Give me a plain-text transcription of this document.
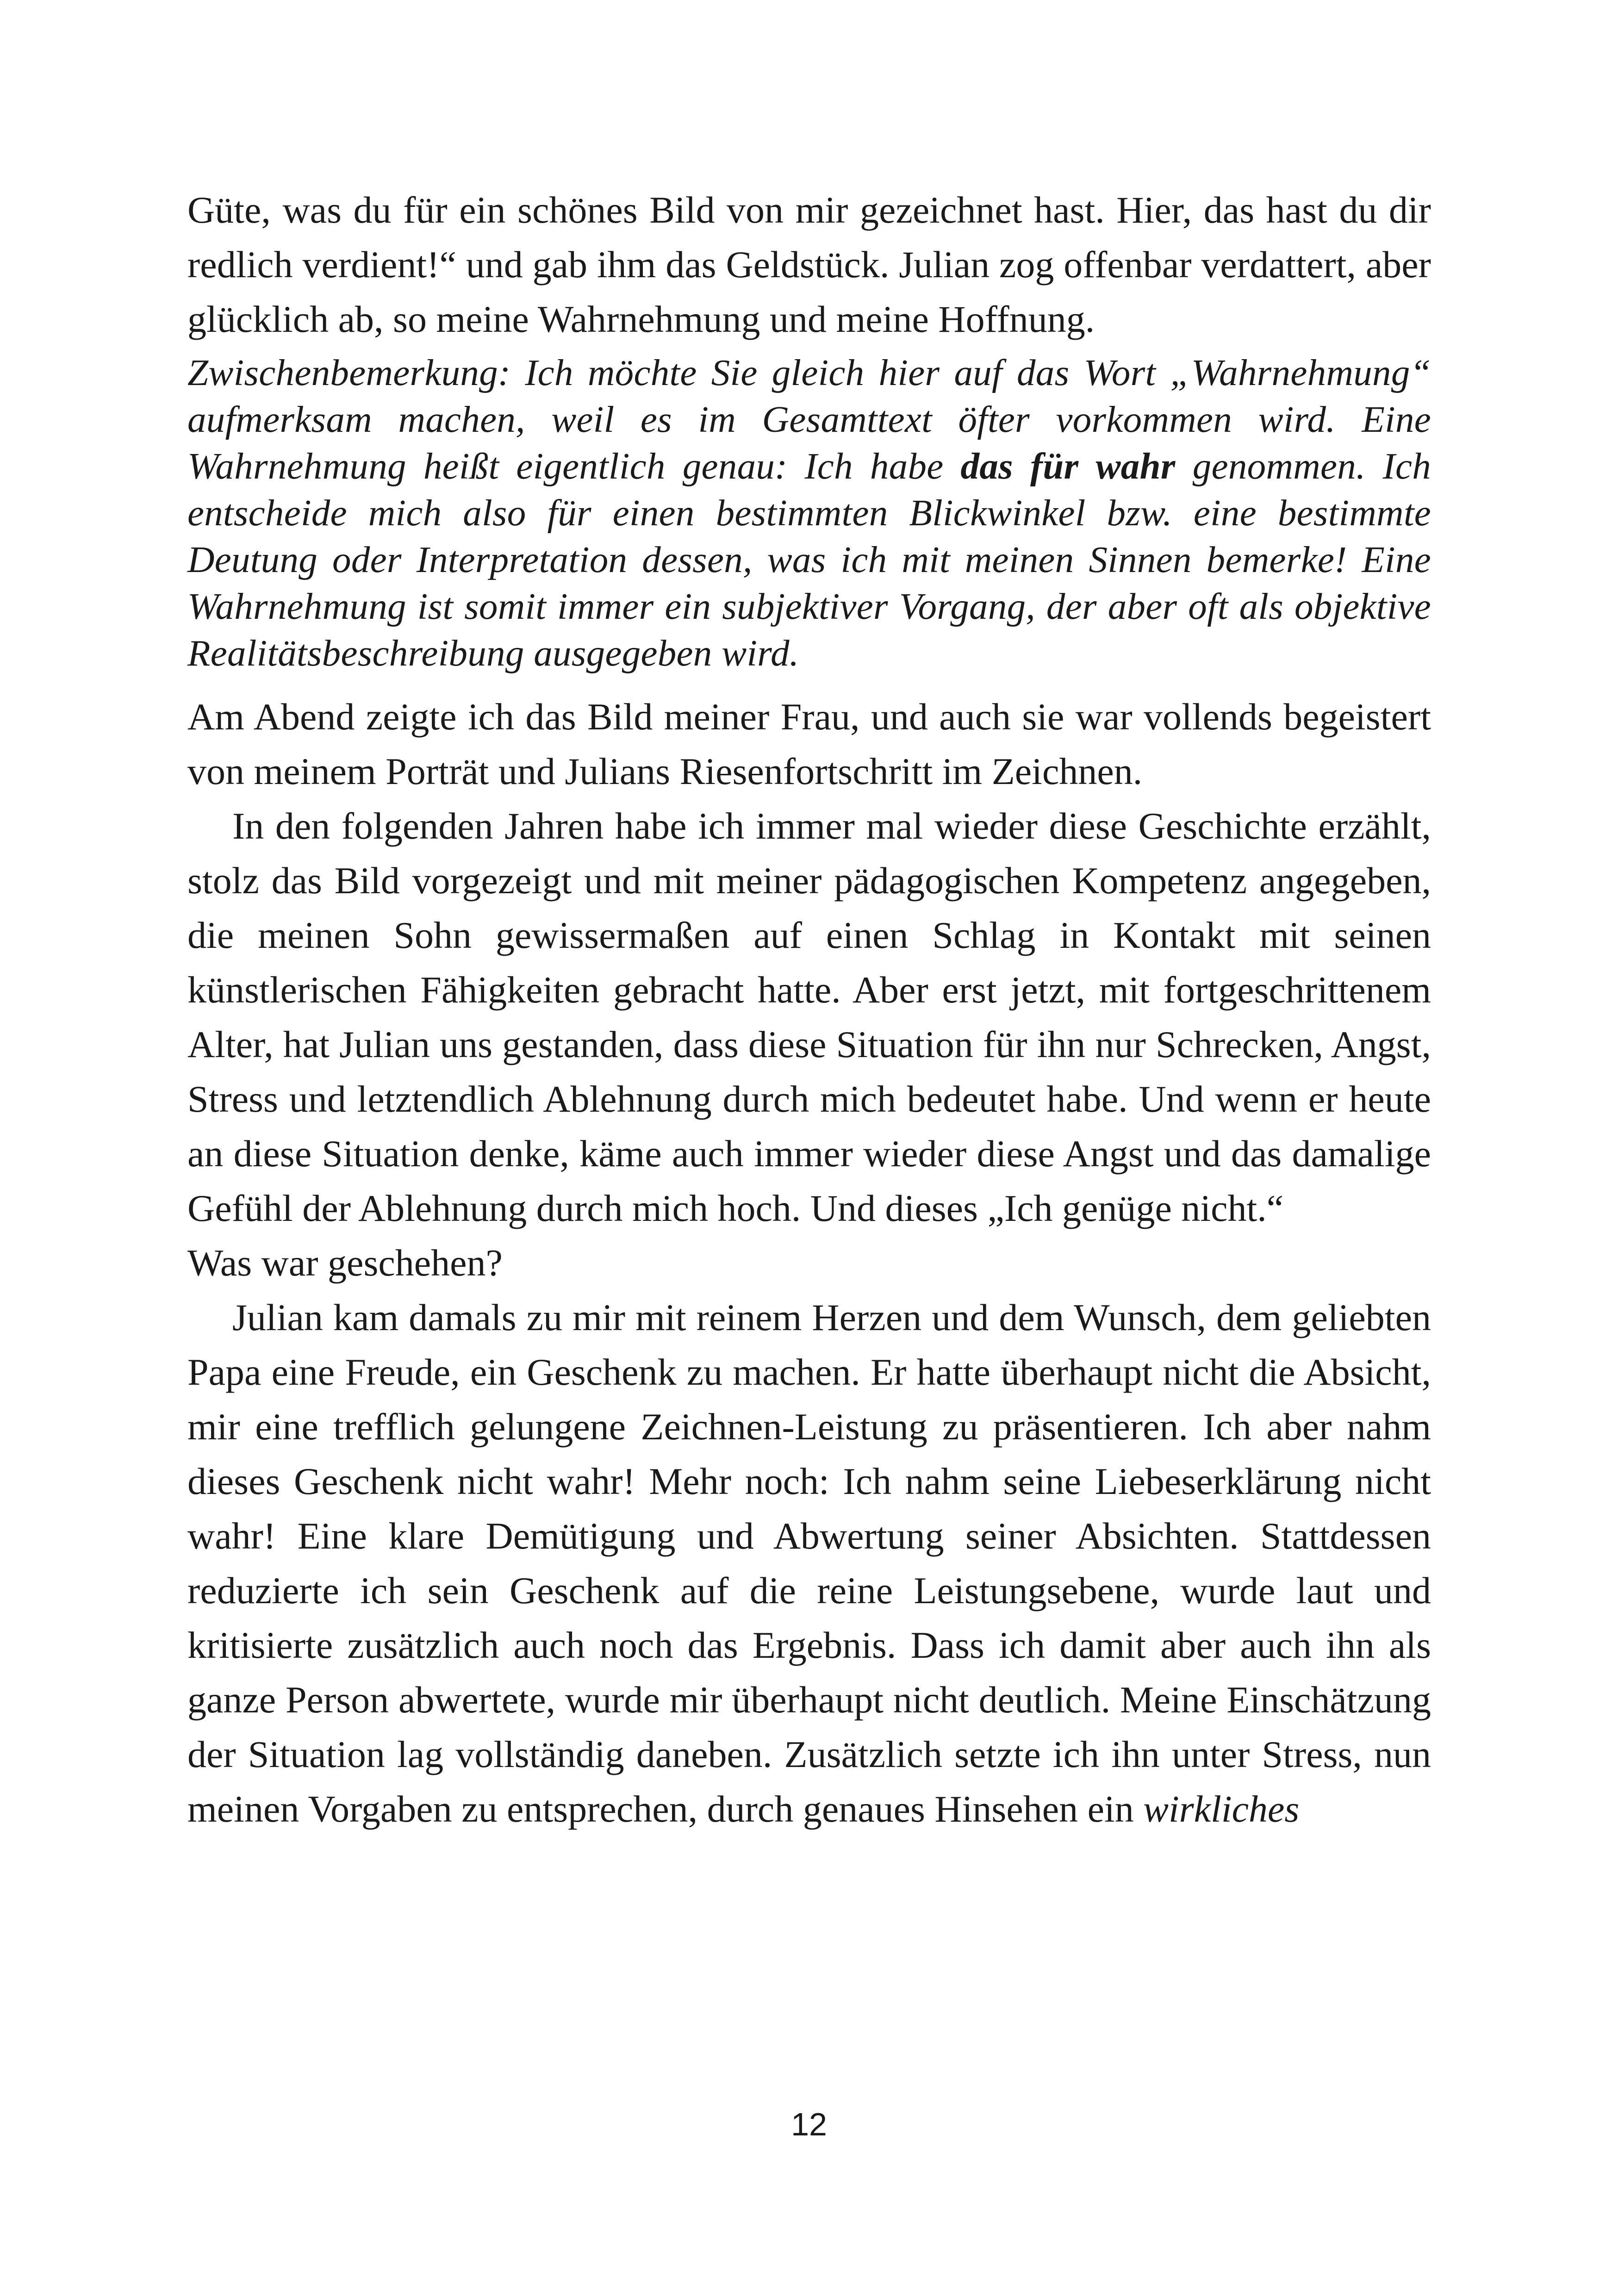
Güte, was du für ein schönes Bild von mir gezeichnet hast. Hier, das hast du dir redlich verdient!“ und gab ihm das Geldstück. Julian zog offenbar verdattert, aber glücklich ab, so meine Wahrnehmung und meine Hoffnung.

Zwischenbemerkung: Ich möchte Sie gleich hier auf das Wort „Wahrnehmung“ aufmerksam machen, weil es im Gesamttext öfter vorkommen wird. Eine Wahrnehmung heißt eigentlich genau: Ich habe das für wahr genommen. Ich entscheide mich also für einen bestimmten Blickwinkel bzw. eine bestimmte Deutung oder Interpretation dessen, was ich mit meinen Sinnen bemerke! Eine Wahrnehmung ist somit immer ein subjektiver Vorgang, der aber oft als objektive Realitätsbeschreibung ausgegeben wird.

Am Abend zeigte ich das Bild meiner Frau, und auch sie war vollends begeistert von meinem Porträt und Julians Riesenfortschritt im Zeichnen.

In den folgenden Jahren habe ich immer mal wieder diese Geschichte erzählt, stolz das Bild vorgezeigt und mit meiner pädagogischen Kompetenz angegeben, die meinen Sohn gewissermaßen auf einen Schlag in Kontakt mit seinen künstlerischen Fähigkeiten gebracht hatte. Aber erst jetzt, mit fortgeschrittenem Alter, hat Julian uns gestanden, dass diese Situation für ihn nur Schrecken, Angst, Stress und letztendlich Ablehnung durch mich bedeutet habe. Und wenn er heute an diese Situation denke, käme auch immer wieder diese Angst und das damalige Gefühl der Ablehnung durch mich hoch. Und dieses „Ich genüge nicht.“

Was war geschehen?

Julian kam damals zu mir mit reinem Herzen und dem Wunsch, dem geliebten Papa eine Freude, ein Geschenk zu machen. Er hatte überhaupt nicht die Absicht, mir eine trefflich gelungene Zeichnen-Leistung zu präsentieren. Ich aber nahm dieses Geschenk nicht wahr! Mehr noch: Ich nahm seine Liebeserklärung nicht wahr! Eine klare Demütigung und Abwertung seiner Absichten. Stattdessen reduzierte ich sein Geschenk auf die reine Leistungsebene, wurde laut und kritisierte zusätzlich auch noch das Ergebnis. Dass ich damit aber auch ihn als ganze Person abwertete, wurde mir überhaupt nicht deutlich. Meine Einschätzung der Situation lag vollständig daneben. Zusätzlich setzte ich ihn unter Stress, nun meinen Vorgaben zu entsprechen, durch genaues Hinsehen ein wirkliches

12
